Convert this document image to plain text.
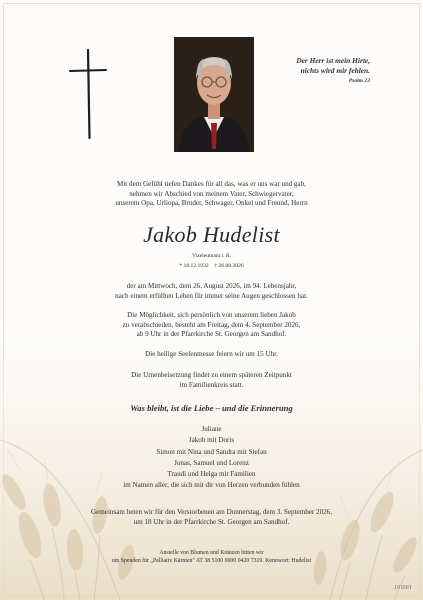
Der Herr ist mein Hirte,
nichts wird mir fehlen.
Psalm 23
Mit dem Gefühl tiefen Dankes für all das, was er uns war und gab,
nehmen wir Abschied von meinem Vater, Schwiegervater,
unserem Opa, Urliopa, Bruder, Schwager, Onkel und Freund, Herrn
Jakob Hudelist
Vizeleutnant i. R.
* 18.12.1932    † 26.08.2026
der am Mittwoch, dem 26. August 2026, im 94. Lebensjahr,
nach einem erfüllten Leben für immer seine Augen geschlossen hat.
Die Möglichkeit, sich persönlich von unserem lieben Jakob
zu verabschieden, besteht am Freitag, dem 4. September 2026,
ab 9 Uhr in der Pfarrkirche St. Georgen am Sandhof.
Die heilige Seelenmesse feiern wir um 15 Uhr.
Die Urnenbeisetzung findet zu einem späteren Zeitpunkt
im Familienkreis statt.
Was bleibt, ist die Liebe – und die Erinnerung
Juliane
Jakob mit Doris
Simon mit Nina und Sandra mit Stefan
Jonas, Samuel und Lorenz
Traudi und Helga mit Familien
im Namen aller, die sich mit dir von Herzen verbunden fühlen
Gemeinsam beten wir für den Verstorbenen am Donnerstag, dem 3. September 2026,
um 18 Uhr in der Pfarrkirche St. Georgen am Sandhof.
Anstelle von Blumen und Kränzen bitten wir
um Spenden für „Palliativ Kärnten" AT 38 5100 0000 0420 7319. Kennwort: Hudelist
